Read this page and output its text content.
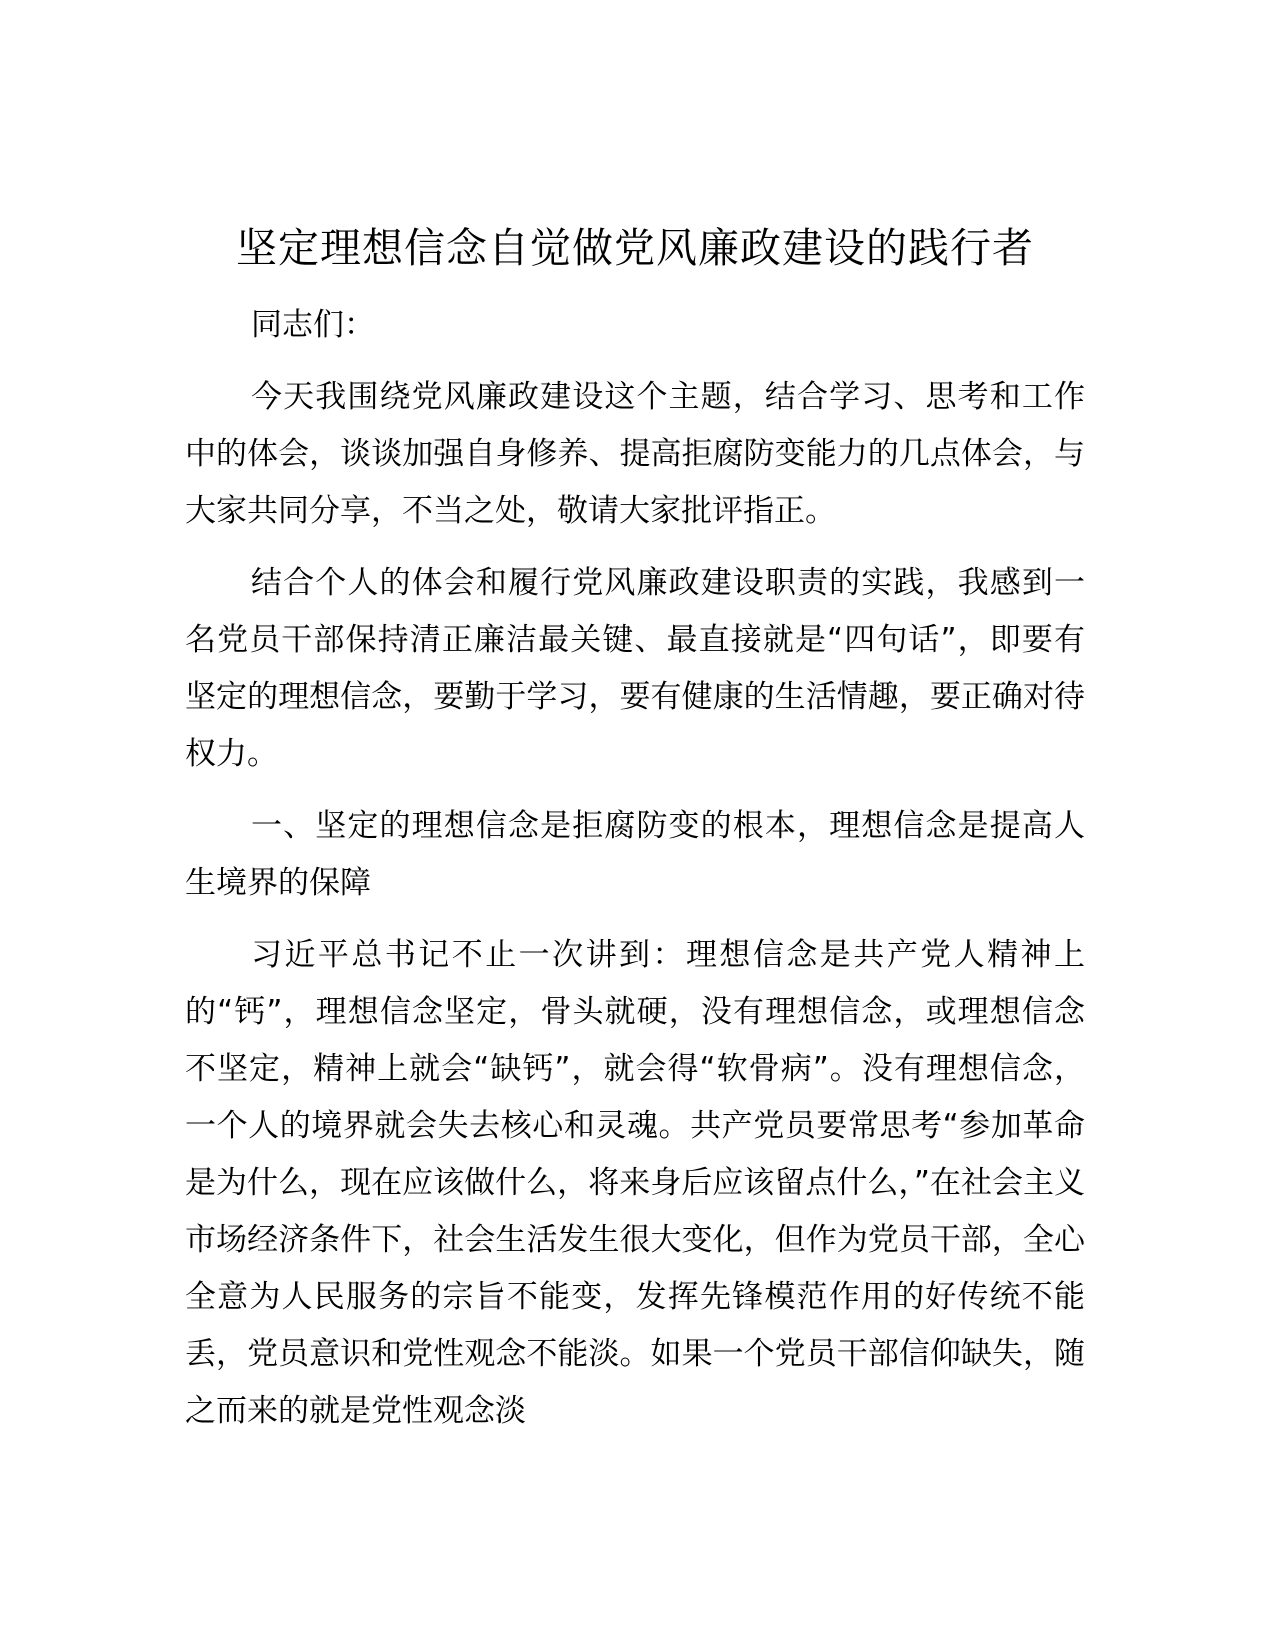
坚定理想信念自觉做党风廉政建设的践行者

同志们：

今天我围绕党风廉政建设这个主题，结合学习、思考和工作中的体会，谈谈加强自身修养、提高拒腐防变能力的几点体会，与大家共同分享，不当之处，敬请大家批评指正。

结合个人的体会和履行党风廉政建设职责的实践，我感到一名党员干部保持清正廉洁最关键、最直接就是“四句话”，即要有坚定的理想信念，要勤于学习，要有健康的生活情趣，要正确对待权力。

一、坚定的理想信念是拒腐防变的根本，理想信念是提高人生境界的保障

习近平总书记不止一次讲到：理想信念是共产党人精神上的“钙”，理想信念坚定，骨头就硬，没有理想信念，或理想信念不坚定，精神上就会“缺钙”，就会得“软骨病”。没有理想信念，一个人的境界就会失去核心和灵魂。共产党员要常思考“参加革命是为什么，现在应该做什么，将来身后应该留点什么，”在社会主义市场经济条件下，社会生活发生很大变化，但作为党员干部，全心全意为人民服务的宗旨不能变，发挥先锋模范作用的好传统不能丢，党员意识和党性观念不能淡。如果一个党员干部信仰缺失，随之而来的就是党性观念淡
